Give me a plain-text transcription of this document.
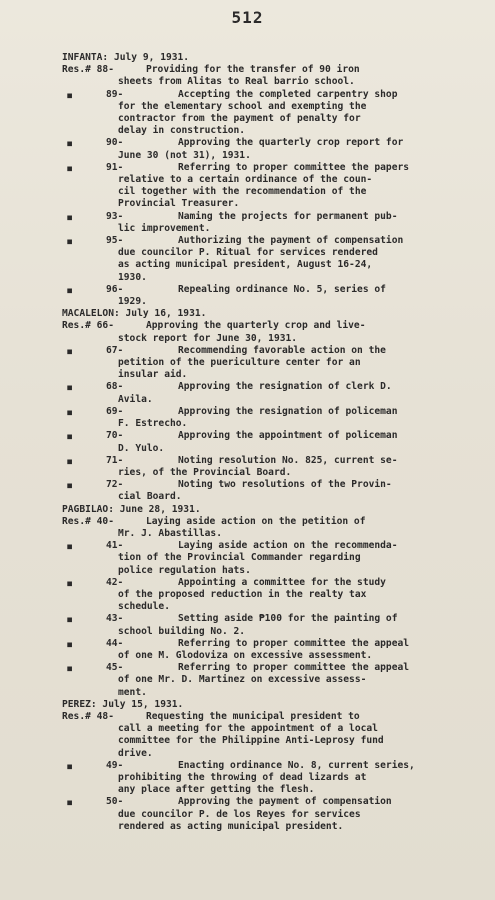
512
INFANTA: July 9, 1931.
Res.# 88-	Providing for the transfer of 90 iron
sheets from Alitas to Real barrio school.
▪	89-	Accepting the completed carpentry shop
for the elementary school and exempting the
contractor from the payment of penalty for
delay in construction.
▪	90-	Approving the quarterly crop report for
June 30 (not 31), 1931.
▪	91-	Referring to proper committee the papers
relative to a certain ordinance of the coun-
cil together with the recommendation of the
Provincial Treasurer.
▪	93-	Naming the projects for permanent pub-
lic improvement.
▪	95-	Authorizing the payment of compensation
due councilor P. Ritual for services rendered
as acting municipal president, August 16-24,
1930.
▪	96-	Repealing ordinance No. 5, series of
1929.
MACALELON: July 16, 1931.
Res.# 66-	Approving the quarterly crop and live-
stock report for June 30, 1931.
▪	67-	Recommending favorable action on the
petition of the puericulture center for an
insular aid.
▪	68-	Approving the resignation of clerk D.
Avila.
▪	69-	Approving the resignation of policeman
F. Estrecho.
▪	70-	Approving the appointment of policeman
D. Yulo.
▪	71-	Noting resolution No. 825, current se-
ries, of the Provincial Board.
▪	72-	Noting two resolutions of the Provin-
cial Board.
PAGBILAO: June 28, 1931.
Res.# 40-	Laying aside action on the petition of
Mr. J. Abastillas.
▪	41-	Laying aside action on the recommenda-
tion of the Provincial Commander regarding
police regulation hats.
▪	42-	Appointing a committee for the study
of the proposed reduction in the realty tax
schedule.
▪	43-	Setting aside ₱100 for the painting of
school building No. 2.
▪	44-	Referring to proper committee the appeal
of one M. Glodoviza on excessive assessment.
▪	45-	Referring to proper committee the appeal
of one Mr. D. Martinez on excessive assess-
ment.
PEREZ: July 15, 1931.
Res.# 48-	Requesting the municipal president to
call a meeting for the appointment of a local
committee for the Philippine Anti-Leprosy fund
drive.
▪	49-	Enacting ordinance No. 8, current series,
prohibiting the throwing of dead lizards at
any place after getting the flesh.
▪	50-	Approving the payment of compensation
due councilor P. de los Reyes for services
rendered as acting municipal president.
